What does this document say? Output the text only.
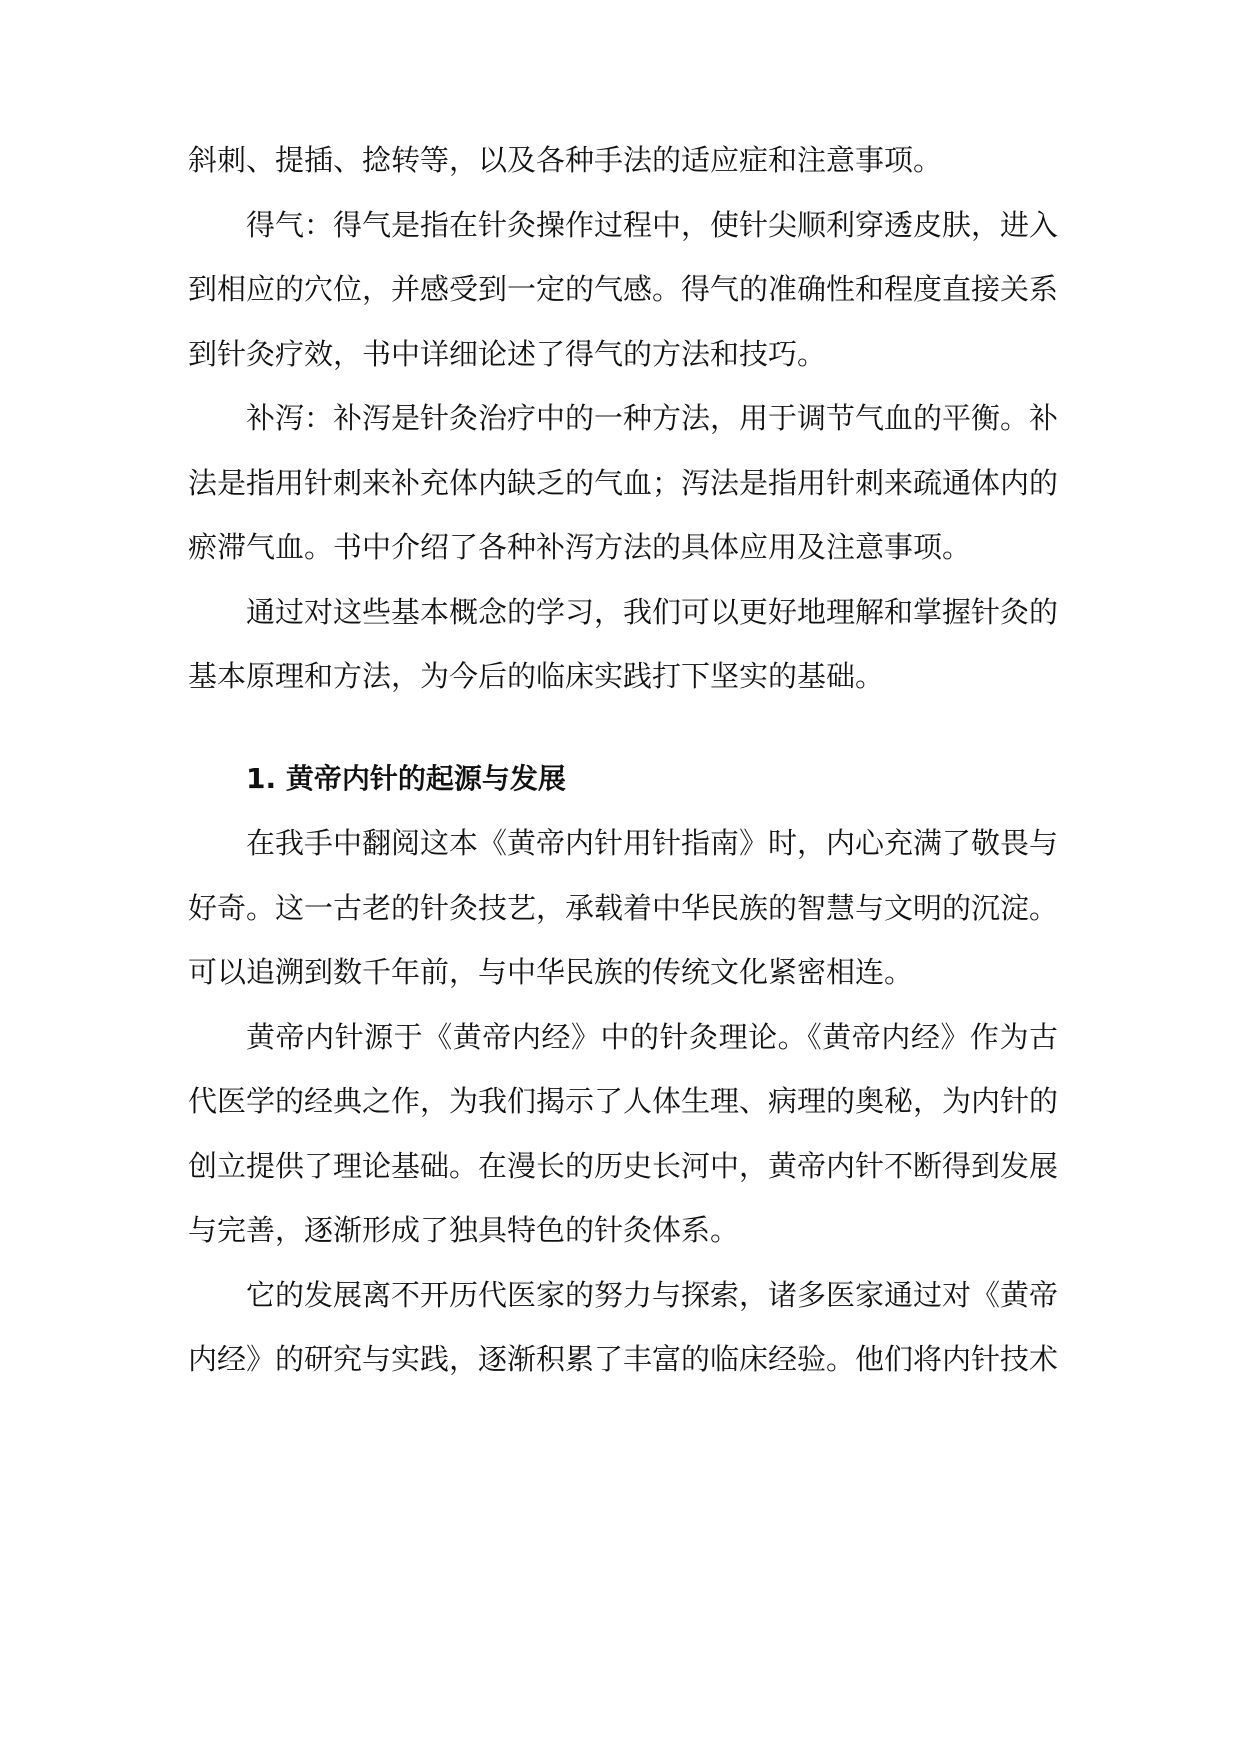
斜刺、提插、捻转等，以及各种手法的适应症和注意事项。

得气：得气是指在针灸操作过程中，使针尖顺利穿透皮肤，进入到相应的穴位，并感受到一定的气感。得气的准确性和程度直接关系到针灸疗效，书中详细论述了得气的方法和技巧。

补泻：补泻是针灸治疗中的一种方法，用于调节气血的平衡。补法是指用针刺来补充体内缺乏的气血；泻法是指用针刺来疏通体内的瘀滞气血。书中介绍了各种补泻方法的具体应用及注意事项。

通过对这些基本概念的学习，我们可以更好地理解和掌握针灸的基本原理和方法，为今后的临床实践打下坚实的基础。

1. 黄帝内针的起源与发展

在我手中翻阅这本《黄帝内针用针指南》时，内心充满了敬畏与好奇。这一古老的针灸技艺，承载着中华民族的智慧与文明的沉淀。可以追溯到数千年前，与中华民族的传统文化紧密相连。

黄帝内针源于《黄帝内经》中的针灸理论。《黄帝内经》作为古代医学的经典之作，为我们揭示了人体生理、病理的奥秘，为内针的创立提供了理论基础。在漫长的历史长河中，黄帝内针不断得到发展与完善，逐渐形成了独具特色的针灸体系。

它的发展离不开历代医家的努力与探索，诸多医家通过对《黄帝内经》的研究与实践，逐渐积累了丰富的临床经验。他们将内针技术
